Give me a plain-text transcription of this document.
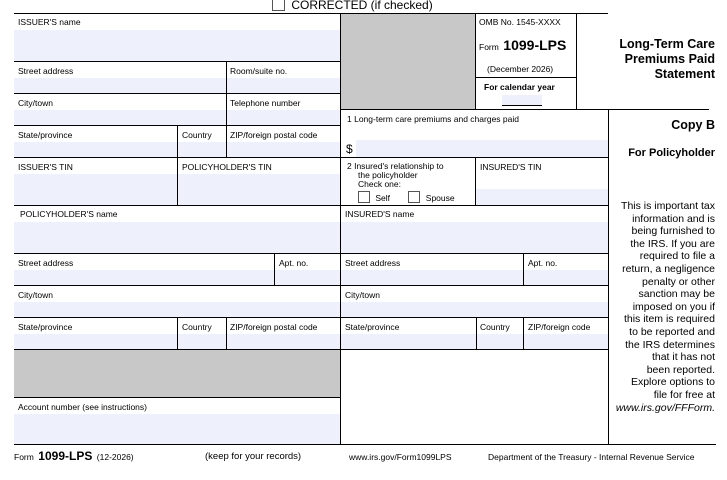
CORRECTED (if checked)
ISSUER'S name
Street address	Room/suite no.
City/town	Telephone number
State/province	Country ZIP/foreign postal code
ISSUER'S TIN	POLICYHOLDER'S TIN
OMB No. 1545-XXXX
Form 1099-LPS
(December 2026)
For calendar year
Long-Term Care
Premiums Paid
Statement
1 Long-term care premiums and charges paid
$
2 Insured's relationship to
the policyholder
Check one:
Self	Spouse
INSURED'S TIN
Copy B
For Policyholder
This is important tax
information and is
being furnished to
the IRS. If you are
required to file a
return, a negligence
penalty or other
sanction may be
imposed on you if
this item is required
to be reported and
the IRS determines
that it has not
been reported.
Explore options to
file for free at
www.irs.gov/FFForm.
POLICYHOLDER'S name	INSURED'S name
Street address	Apt. no.	Street address	Apt. no.
City/town	City/town
State/province	Country ZIP/foreign postal code	State/province	Country ZIP/foreign code
Account number (see instructions)
Form 1099-LPS (12-2026)	(keep for your records)	www.irs.gov/Form1099LPS	Department of the Treasury - Internal Revenue Service
